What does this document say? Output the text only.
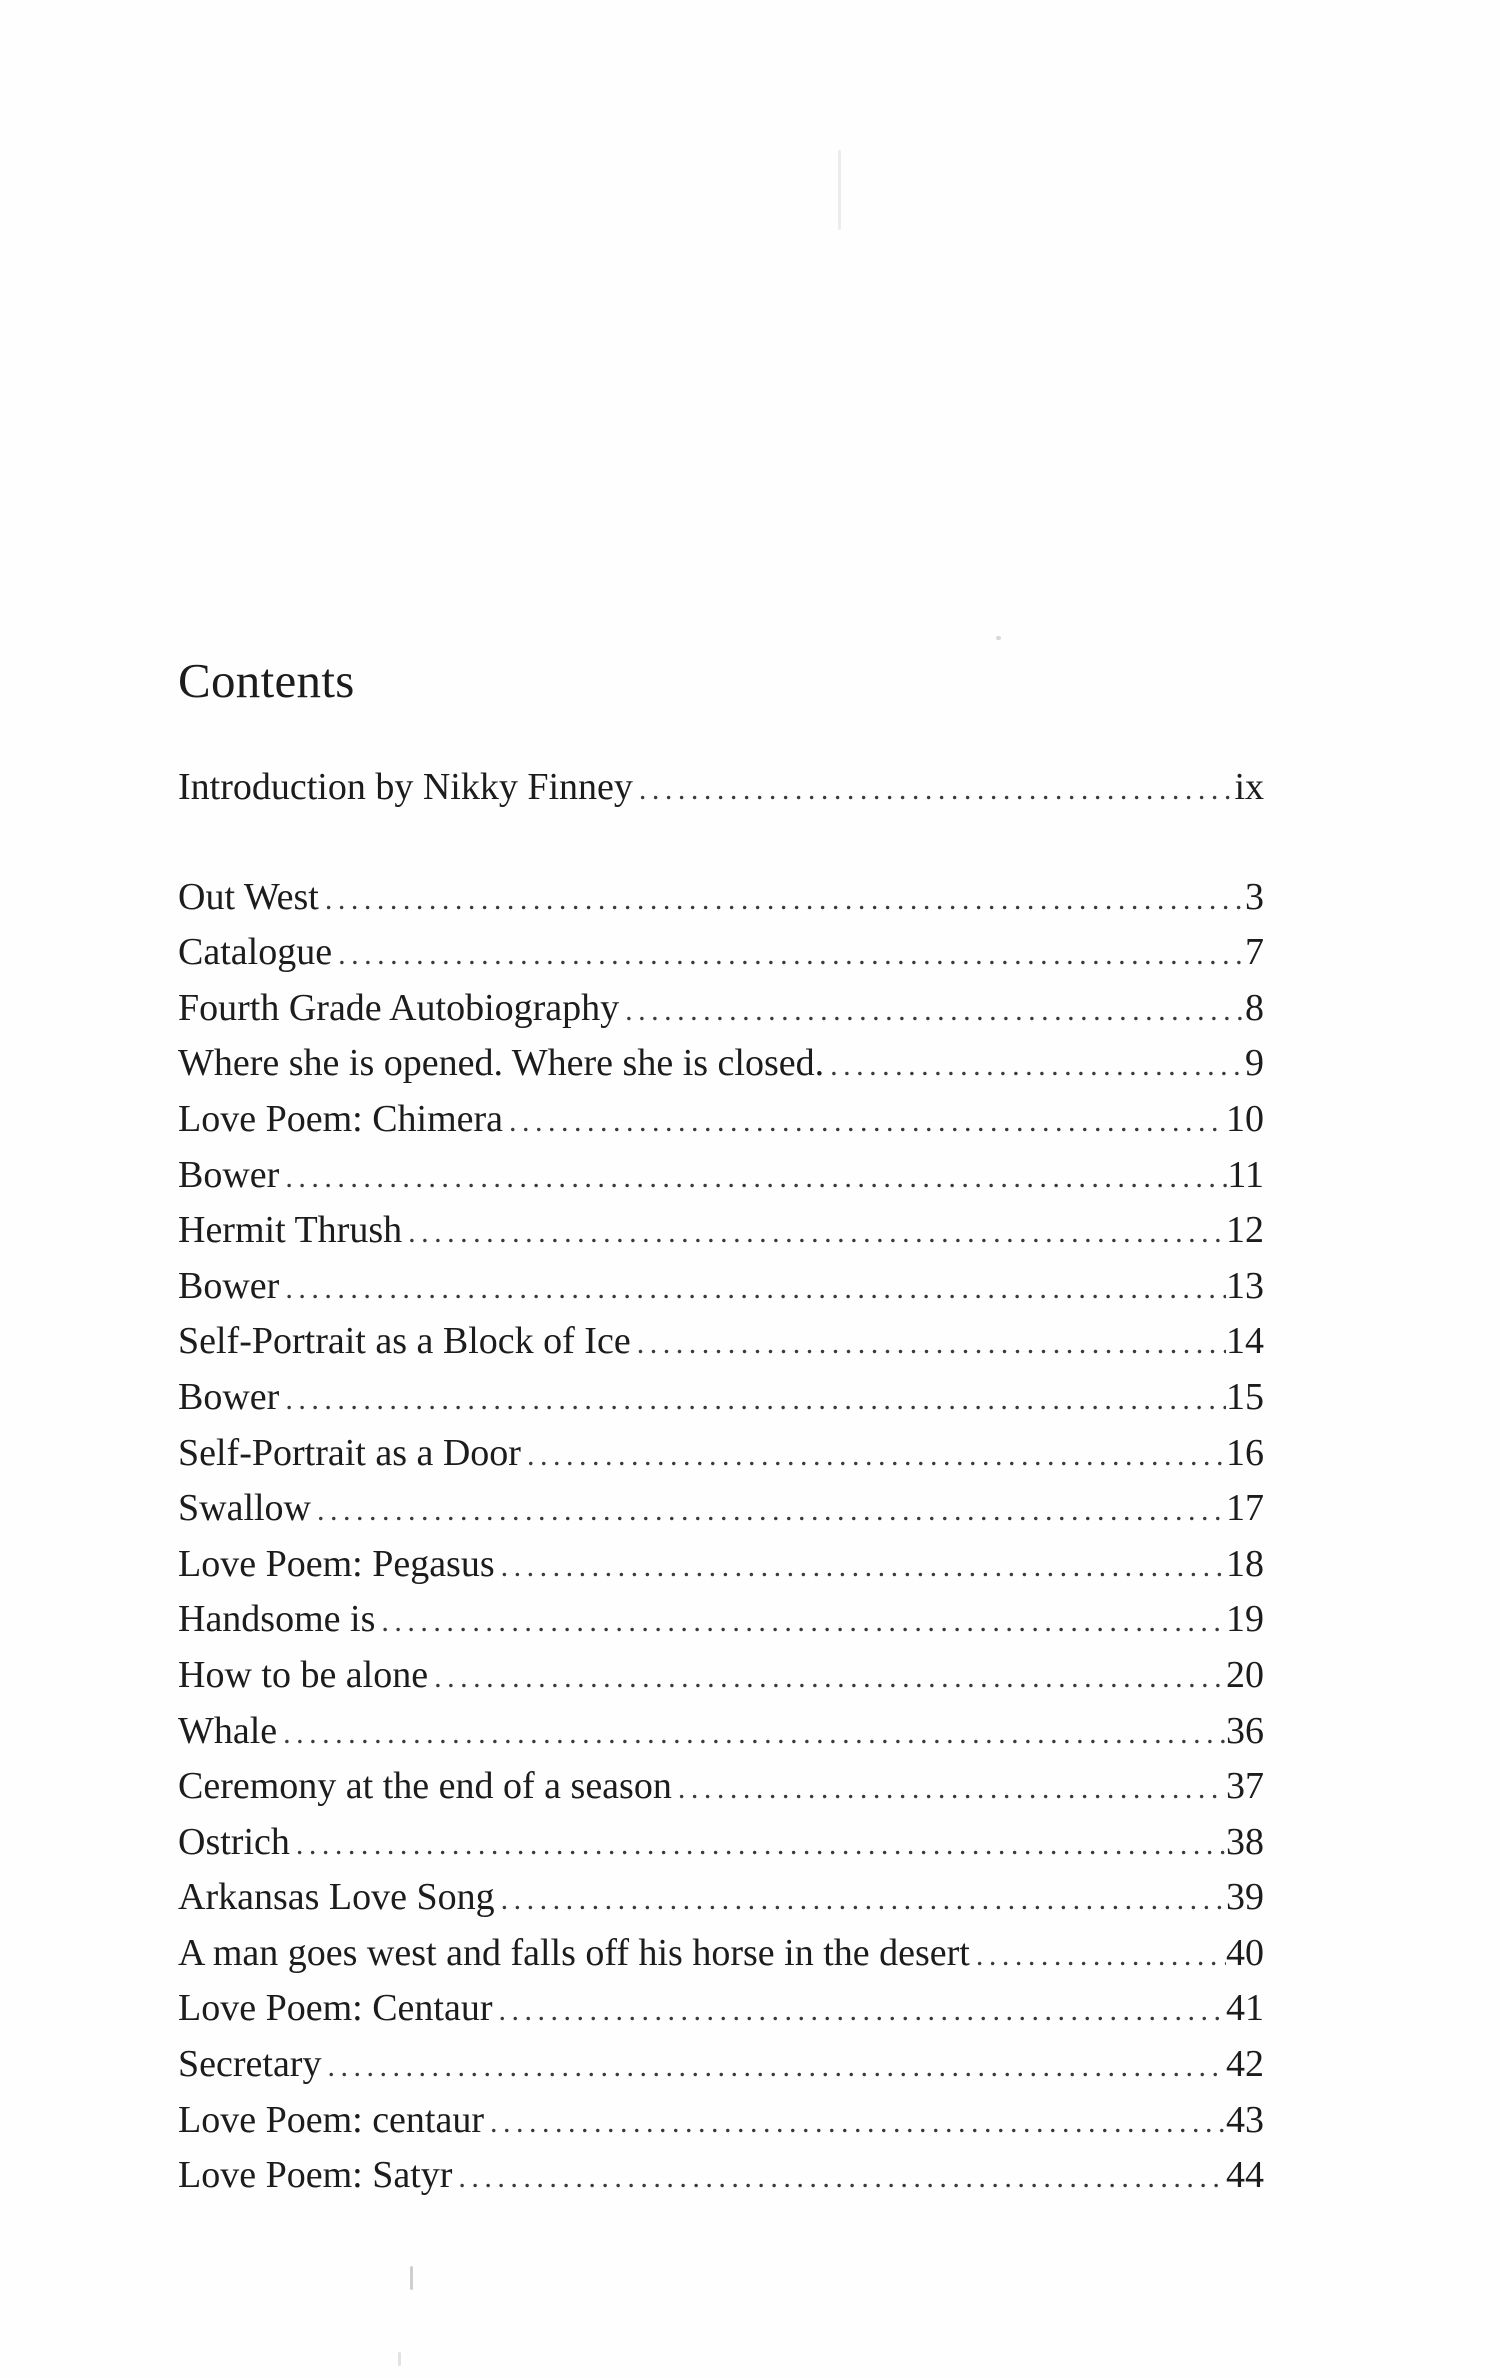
Contents
Introduction by Nikky Finney . . .	ix
Out West . . .	3
Catalogue . . .	7
Fourth Grade Autobiography . . .	8
Where she is opened. Where she is closed. . . .	9
Love Poem: Chimera . . .	10
Bower . . .	11
Hermit Thrush . . .	12
Bower . . .	13
Self-Portrait as a Block of Ice . . .	14
Bower . . .	15
Self-Portrait as a Door . . .	16
Swallow . . .	17
Love Poem: Pegasus . . .	18
Handsome is . . .	19
How to be alone . . .	20
Whale . . .	36
Ceremony at the end of a season . . .	37
Ostrich . . .	38
Arkansas Love Song . . .	39
A man goes west and falls off his horse in the desert . . .	40
Love Poem: Centaur . . .	41
Secretary . . .	42
Love Poem: centaur . . .	43
Love Poem: Satyr . . .	44
